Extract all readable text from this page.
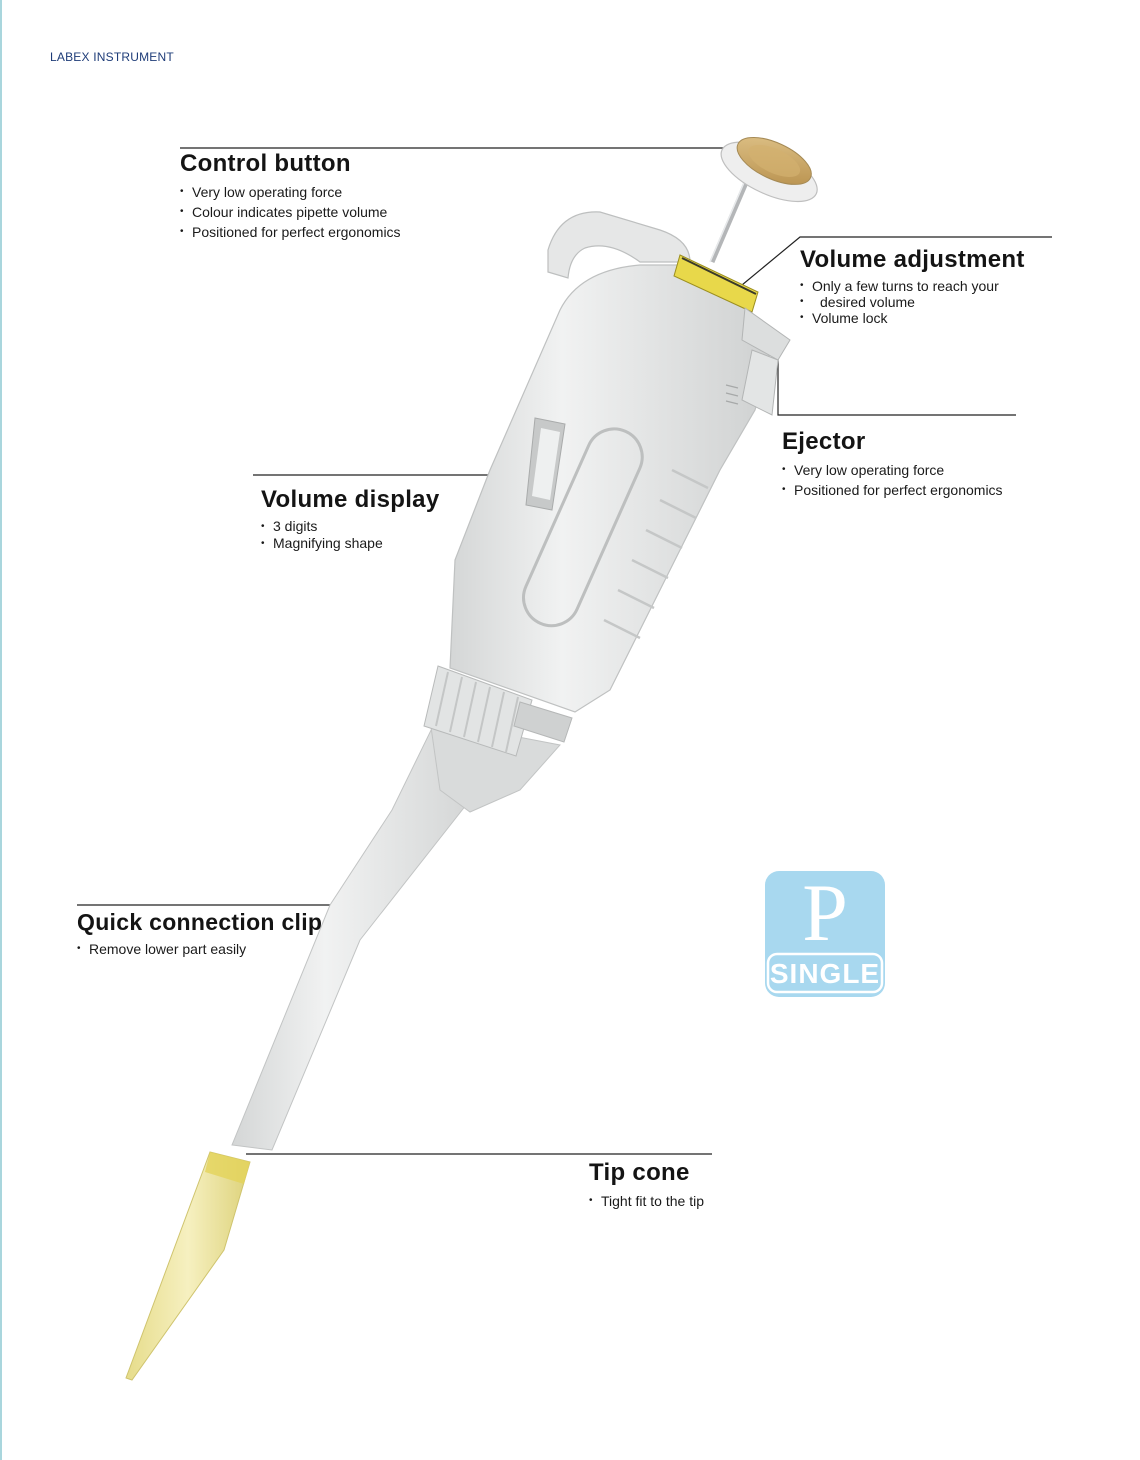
LABEX INSTRUMENT
Control button
• Very low operating force
• Colour indicates pipette volume
• Positioned for perfect ergonomics
Volume adjustment
• Only a few turns to reach your
• desired volume
• Volume lock
Ejector
• Very low operating force
• Positioned for perfect ergonomics
Volume display
• 3 digits
• Magnifying shape
Quick connection clip
• Remove lower part easily
Tip cone
• Tight fit to the tip
P
SINGLE
